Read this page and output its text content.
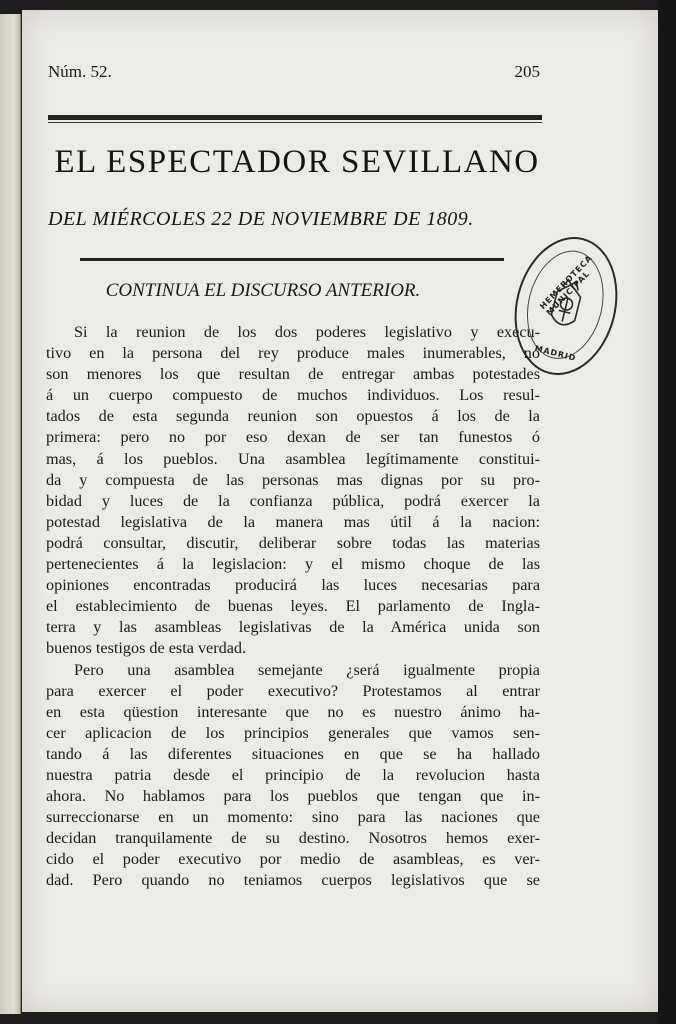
Núm. 52.	205
EL ESPECTADOR SEVILLANO
DEL MIÉRCOLES 22 DE NOVIEMBRE DE 1809.
CONTINUA EL DISCURSO ANTERIOR.
Si la reunion de los dos poderes legislativo y execu-
tivo en la persona del rey produce males inumerables, no
son menores los que resultan de entregar ambas potestades
á un cuerpo compuesto de muchos individuos. Los resul-
tados de esta segunda reunion son opuestos á los de la
primera: pero no por eso dexan de ser tan funestos ó
mas, á los pueblos. Una asamblea legítimamente constitui-
da y compuesta de las personas mas dignas por su pro-
bidad y luces de la confianza pública, podrá exercer la
potestad legislativa de la manera mas útil á la nacion:
podrá consultar, discutir, deliberar sobre todas las materias
pertenecientes á la legislacion: y el mismo choque de las
opiniones encontradas producirá las luces necesarias para
el establecimiento de buenas leyes. El parlamento de Ingla-
terra y las asambleas legislativas de la América unida son
buenos testigos de esta verdad.
Pero una asamblea semejante ¿será igualmente propia
para exercer el poder executivo? Protestamos al entrar
en esta qüestion interesante que no es nuestro ánimo ha-
cer aplicacion de los principios generales que vamos sen-
tando á las diferentes situaciones en que se ha hallado
nuestra patria desde el principio de la revolucion hasta
ahora. No hablamos para los pueblos que tengan que in-
surreccionarse en un momento: sino para las naciones que
decidan tranquilamente de su destino. Nosotros hemos exer-
cido el poder executivo por medio de asambleas, es ver-
dad. Pero quando no teniamos cuerpos legislativos que se
HEMEROTECA MUNICIPAL
MADRID
